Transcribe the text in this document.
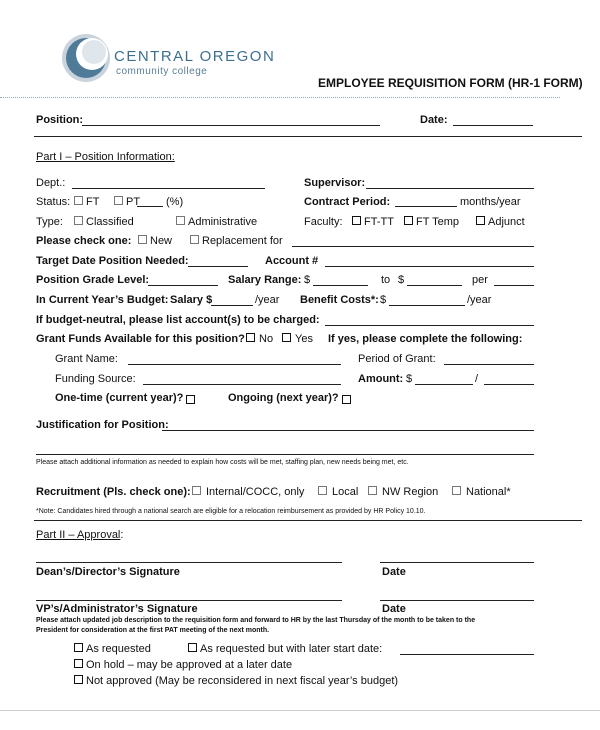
CENTRAL OREGON
community college
EMPLOYEE REQUISITION FORM (HR-1 FORM)
Position:	Date:
Part I – Position Information:
Dept.:	Supervisor:
Status:	FT	PT (%)	Contract Period:	months/year
Type:	Classified	Administrative	Faculty:	FT-TT	FT Temp	Adjunct
Please check one:	New	Replacement for
Target Date Position Needed:	Account #
Position Grade Level:	Salary Range: $	to $	per
In Current Year’s Budget: Salary $	/year Benefit Costs*: $	/year
If budget-neutral, please list account(s) to be charged:
Grant Funds Available for this position?	No	Yes If yes, please complete the following:
Grant Name:	Period of Grant:
Funding Source:	Amount: $	/
One-time (current year)?	Ongoing (next year)?
Justification for Position:
Please attach additional information as needed to explain how costs will be met, staffing plan, new needs being met, etc.
Recruitment (Pls. check one):	Internal/COCC, only	Local	NW Region	National*
*Note: Candidates hired through a national search are eligible for a relocation reimbursement as provided by HR Policy 10.10.
Part II – Approval:
Dean’s/Director’s Signature	Date
VP’s/Administrator’s Signature	Date
Please attach updated job description to the requisition form and forward to HR by the last Thursday of the month to be taken to the
President for consideration at the first PAT meeting of the next month.
As requested	As requested but with later start date:
On hold – may be approved at a later date
Not approved (May be reconsidered in next fiscal year’s budget)
